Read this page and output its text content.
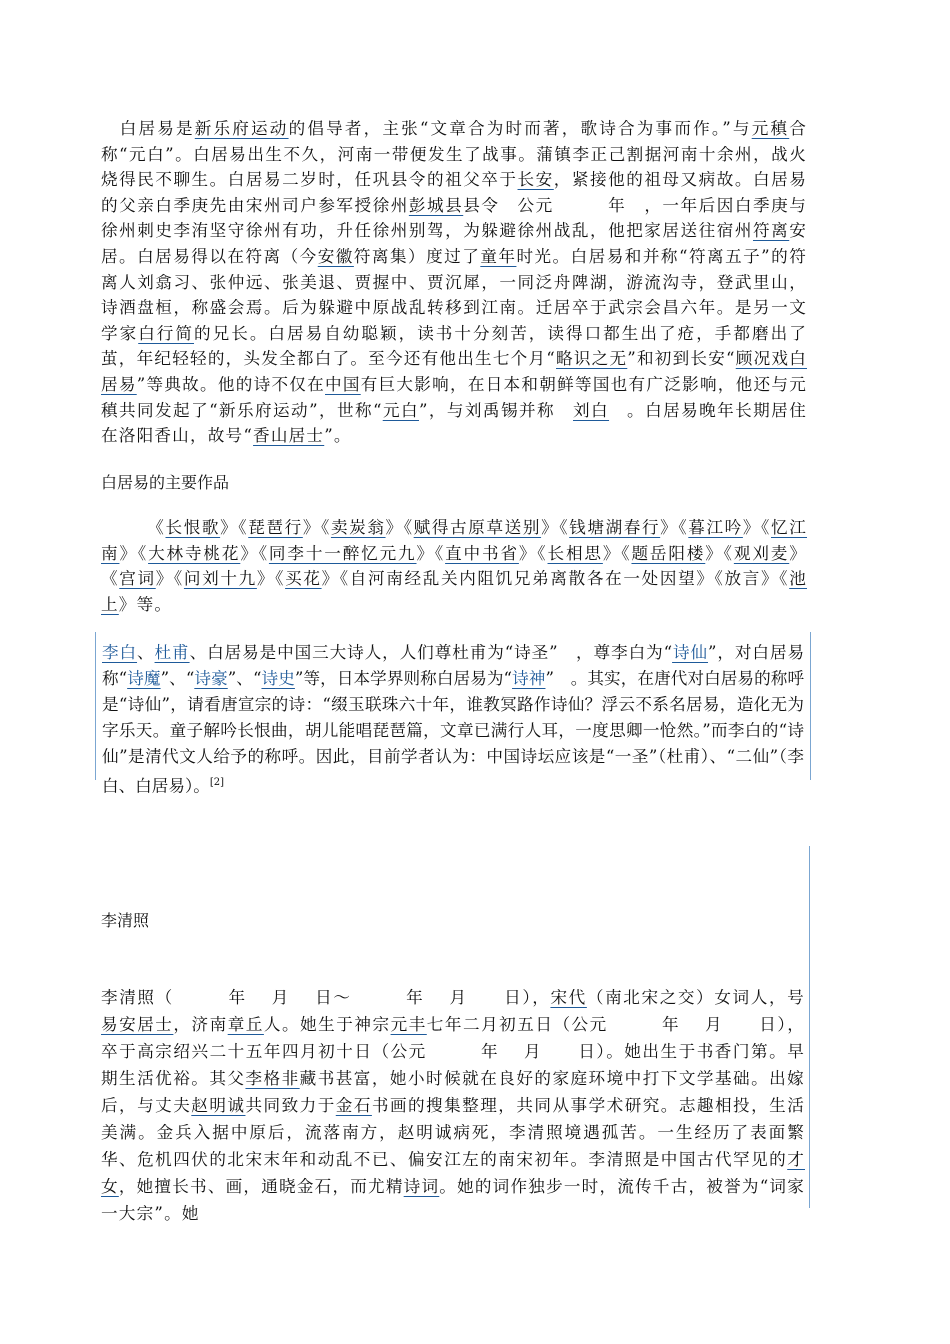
　白居易是新乐府运动的倡导者，主张“文章合为时而著，歌诗合为事而作。”与元稹合称“元白”。白居易出生不久，河南一带便发生了战事。蒲镇李正己割据河南十余州，战火烧得民不聊生。白居易二岁时，任巩县令的祖父卒于长安，紧接他的祖母又病故。白居易的父亲白季庚先由宋州司户参军授徐州彭城县县令　公元　　　年　，一年后因白季庚与徐州刺史李洧坚守徐州有功，升任徐州别驾，为躲避徐州战乱，他把家居送往宿州符离安居。白居易得以在符离（今安徽符离集）度过了童年时光。白居易和并称“符离五子”的符离人刘翕习、张仲远、张美退、贾握中、贾沉犀，一同泛舟陴湖，游流沟寺，登武里山，诗酒盘桓，称盛会焉。后为躲避中原战乱转移到江南。迁居卒于武宗会昌六年。是另一文学家白行简的兄长。白居易自幼聪颖，读书十分刻苦，读得口都生出了疮，手都磨出了茧，年纪轻轻的，头发全都白了。至今还有他出生七个月“略识之无”和初到长安“顾况戏白居易”等典故。他的诗不仅在中国有巨大影响，在日本和朝鲜等国也有广泛影响，他还与元稹共同发起了“新乐府运动”，世称“元白”，与刘禹锡并称　刘白　。白居易晚年长期居住在洛阳香山，故号“香山居士”。

白居易的主要作品

　　　《长恨歌》《琵琶行》《卖炭翁》《赋得古原草送别》《钱塘湖春行》《暮江吟》《忆江南》《大林寺桃花》《同李十一醉忆元九》《直中书省》《长相思》《题岳阳楼》《观刈麦》《宫词》《问刘十九》《买花》《自河南经乱关内阻饥兄弟离散各在一处因望》《放言》《池上》等。

李白、杜甫、白居易是中国三大诗人，人们尊杜甫为“诗圣”　，尊李白为“诗仙”，对白居易称“诗魔”、“诗豪”、“诗史”等，日本学界则称白居易为“诗神”　。其实，在唐代对白居易的称呼是“诗仙”，请看唐宣宗的诗：“缀玉联珠六十年，谁教冥路作诗仙？浮云不系名居易，造化无为字乐天。童子解吟长恨曲，胡儿能唱琵琶篇，文章已满行人耳，一度思卿一怆然。”而李白的“诗仙”是清代文人给予的称呼。因此，目前学者认为：中国诗坛应该是“一圣”（杜甫）、“二仙”（李白、白居易）。[2]

李清照

李清照（　　　年　 月　 日～　　　年　 月　　日），宋代（南北宋之交）女词人，号易安居士，济南章丘人。她生于神宗元丰七年二月初五日（公元　　　年　 月　　日），卒于高宗绍兴二十五年四月初十日（公元　　　年　 月　　日）。她出生于书香门第。早期生活优裕。其父李格非藏书甚富，她小时候就在良好的家庭环境中打下文学基础。出嫁后，与丈夫赵明诚共同致力于金石书画的搜集整理，共同从事学术研究。志趣相投，生活美满。金兵入据中原后，流落南方，赵明诚病死，李清照境遇孤苦。一生经历了表面繁华、危机四伏的北宋末年和动乱不已、偏安江左的南宋初年。李清照是中国古代罕见的才女，她擅长书、画，通晓金石，而尤精诗词。她的词作独步一时，流传千古，被誉为“词家一大宗”。她
